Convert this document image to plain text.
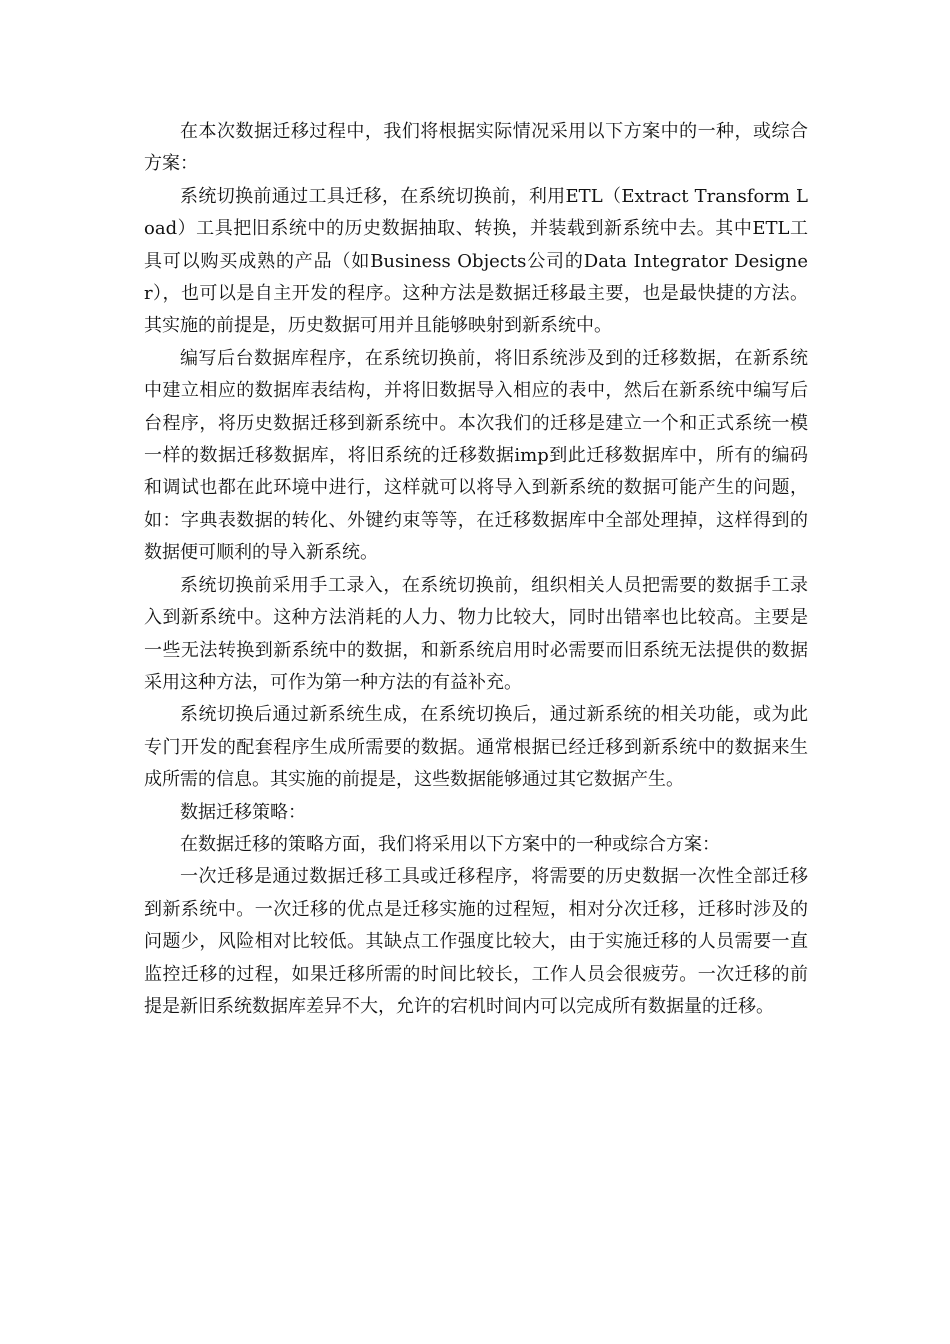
在本次数据迁移过程中，我们将根据实际情况采用以下方案中的一种，或综合方案：

系统切换前通过工具迁移，在系统切换前，利用ETL（Extract Transform Load）工具把旧系统中的历史数据抽取、转换，并装载到新系统中去。其中ETL工具可以购买成熟的产品（如Business Objects公司的Data Integrator Designer），也可以是自主开发的程序。这种方法是数据迁移最主要，也是最快捷的方法。其实施的前提是，历史数据可用并且能够映射到新系统中。

编写后台数据库程序，在系统切换前，将旧系统涉及到的迁移数据，在新系统中建立相应的数据库表结构，并将旧数据导入相应的表中，然后在新系统中编写后台程序，将历史数据迁移到新系统中。本次我们的迁移是建立一个和正式系统一模一样的数据迁移数据库，将旧系统的迁移数据imp到此迁移数据库中，所有的编码和调试也都在此环境中进行，这样就可以将导入到新系统的数据可能产生的问题，如：字典表数据的转化、外键约束等等，在迁移数据库中全部处理掉，这样得到的数据便可顺利的导入新系统。

系统切换前采用手工录入，在系统切换前，组织相关人员把需要的数据手工录入到新系统中。这种方法消耗的人力、物力比较大，同时出错率也比较高。主要是一些无法转换到新系统中的数据，和新系统启用时必需要而旧系统无法提供的数据采用这种方法，可作为第一种方法的有益补充。

系统切换后通过新系统生成，在系统切换后，通过新系统的相关功能，或为此专门开发的配套程序生成所需要的数据。通常根据已经迁移到新系统中的数据来生成所需的信息。其实施的前提是，这些数据能够通过其它数据产生。

数据迁移策略：

在数据迁移的策略方面，我们将采用以下方案中的一种或综合方案：

一次迁移是通过数据迁移工具或迁移程序，将需要的历史数据一次性全部迁移到新系统中。一次迁移的优点是迁移实施的过程短，相对分次迁移，迁移时涉及的问题少，风险相对比较低。其缺点工作强度比较大，由于实施迁移的人员需要一直监控迁移的过程，如果迁移所需的时间比较长，工作人员会很疲劳。一次迁移的前提是新旧系统数据库差异不大，允许的宕机时间内可以完成所有数据量的迁移。
